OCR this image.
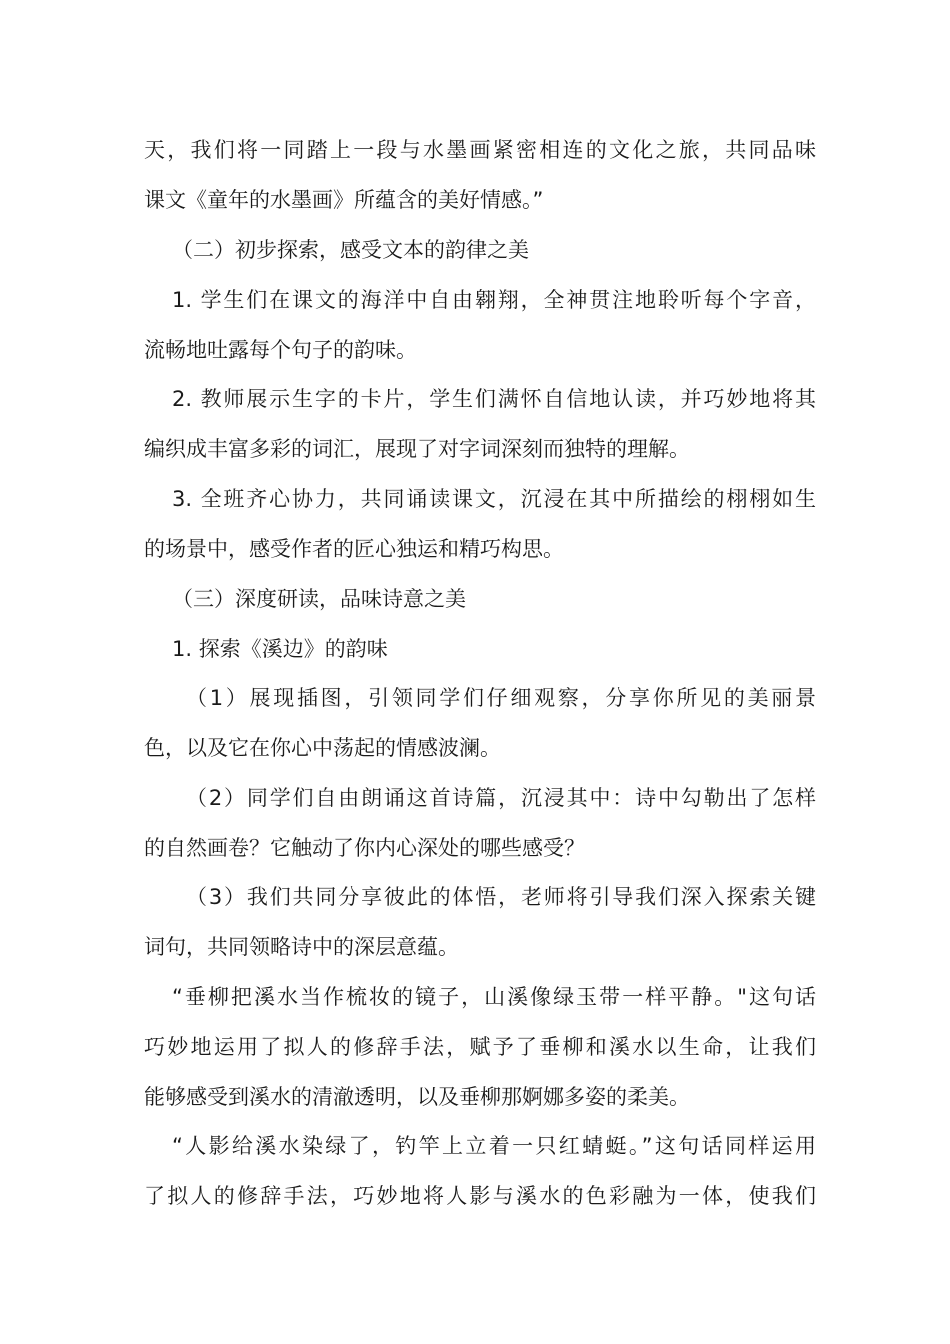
天，我们将一同踏上一段与水墨画紧密相连的文化之旅，共同品味
课文《童年的水墨画》所蕴含的美好情感。”
（二）初步探索，感受文本的韵律之美
1. 学生们在课文的海洋中自由翱翔，全神贯注地聆听每个字音，
流畅地吐露每个句子的韵味。
2. 教师展示生字的卡片，学生们满怀自信地认读，并巧妙地将其
编织成丰富多彩的词汇，展现了对字词深刻而独特的理解。
3. 全班齐心协力，共同诵读课文，沉浸在其中所描绘的栩栩如生
的场景中，感受作者的匠心独运和精巧构思。
（三）深度研读，品味诗意之美
1. 探索《溪边》的韵味
（1）展现插图，引领同学们仔细观察，分享你所见的美丽景
色，以及它在你心中荡起的情感波澜。
（2）同学们自由朗诵这首诗篇，沉浸其中：诗中勾勒出了怎样
的自然画卷？它触动了你内心深处的哪些感受？
（3）我们共同分享彼此的体悟，老师将引导我们深入探索关键
词句，共同领略诗中的深层意蕴。
“垂柳把溪水当作梳妆的镜子，山溪像绿玉带一样平静。"这句话
巧妙地运用了拟人的修辞手法，赋予了垂柳和溪水以生命，让我们
能够感受到溪水的清澈透明，以及垂柳那婀娜多姿的柔美。
“人影给溪水染绿了，钓竿上立着一只红蜻蜓。”这句话同样运用
了拟人的修辞手法，巧妙地将人影与溪水的色彩融为一体，使我们
